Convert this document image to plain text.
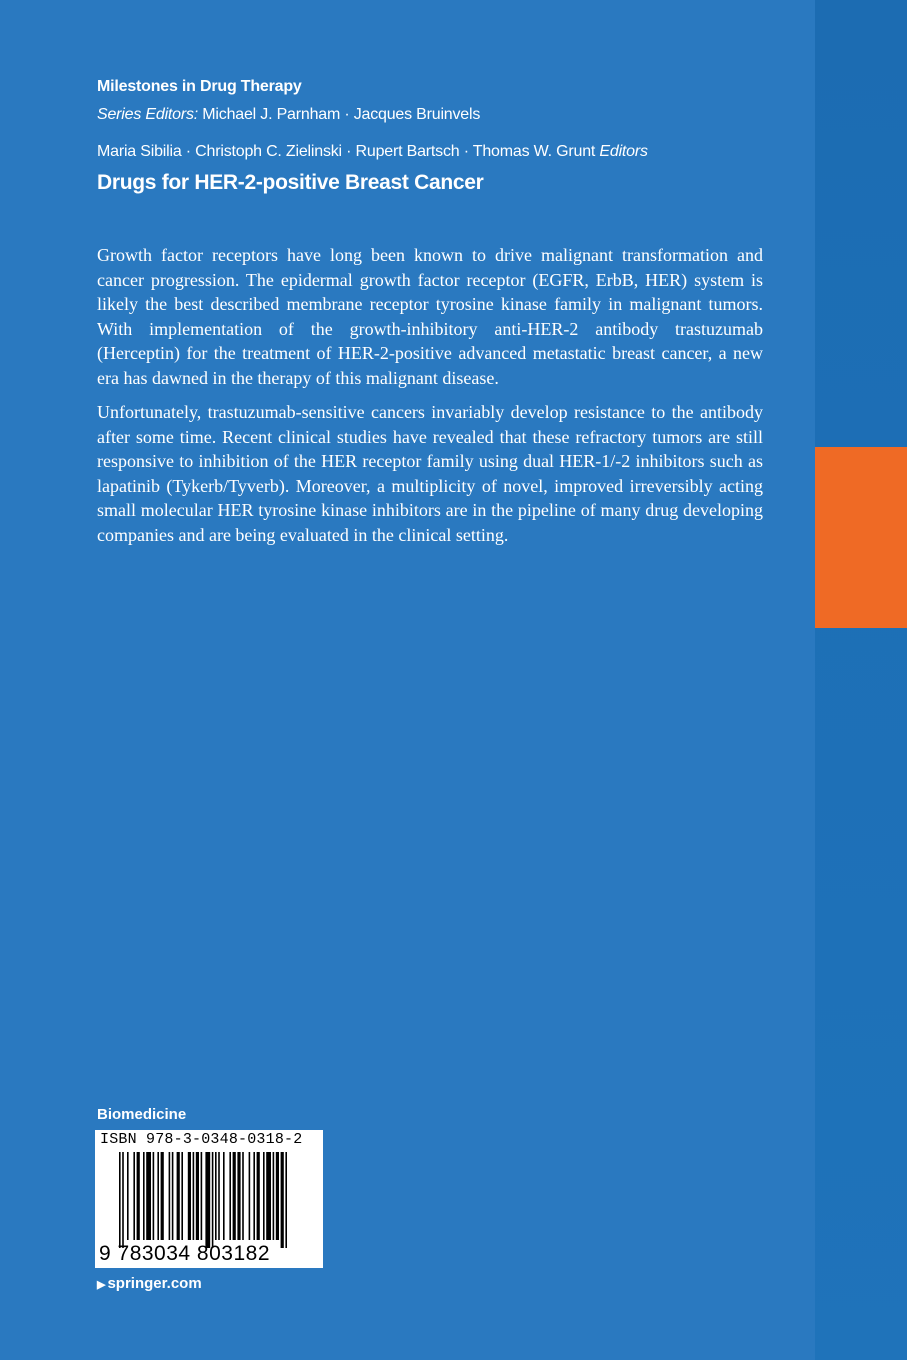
Milestones in Drug Therapy
Series Editors: Michael J. Parnham · Jacques Bruinvels
Maria Sibilia · Christoph C. Zielinski · Rupert Bartsch · Thomas W. Grunt Editors
Drugs for HER-2-positive Breast Cancer

Growth factor receptors have long been known to drive malignant transformation and cancer progression. The epidermal growth factor receptor (EGFR, ErbB, HER) system is likely the best described membrane receptor tyrosine kinase family in malignant tumors. With implementation of the growth-inhibitory anti-HER-2 antibody trastuzumab (Herceptin) for the treatment of HER-2-positive advanced metastatic breast cancer, a new era has dawned in the therapy of this malignant disease.

Unfortunately, trastuzumab-sensitive cancers invariably develop resistance to the antibody after some time. Recent clinical studies have revealed that these refractory tumors are still responsive to inhibition of the HER receptor family using dual HER-1/-2 inhibitors such as lapatinib (Tykerb/Tyverb). Moreover, a multiplicity of novel, improved irreversibly acting small molecular HER tyrosine kinase inhibitors are in the pipeline of many drug developing companies and are being evaluated in the clinical setting.

Biomedicine
ISBN 978-3-0348-0318-2
9 783034 803182
▶ springer.com
